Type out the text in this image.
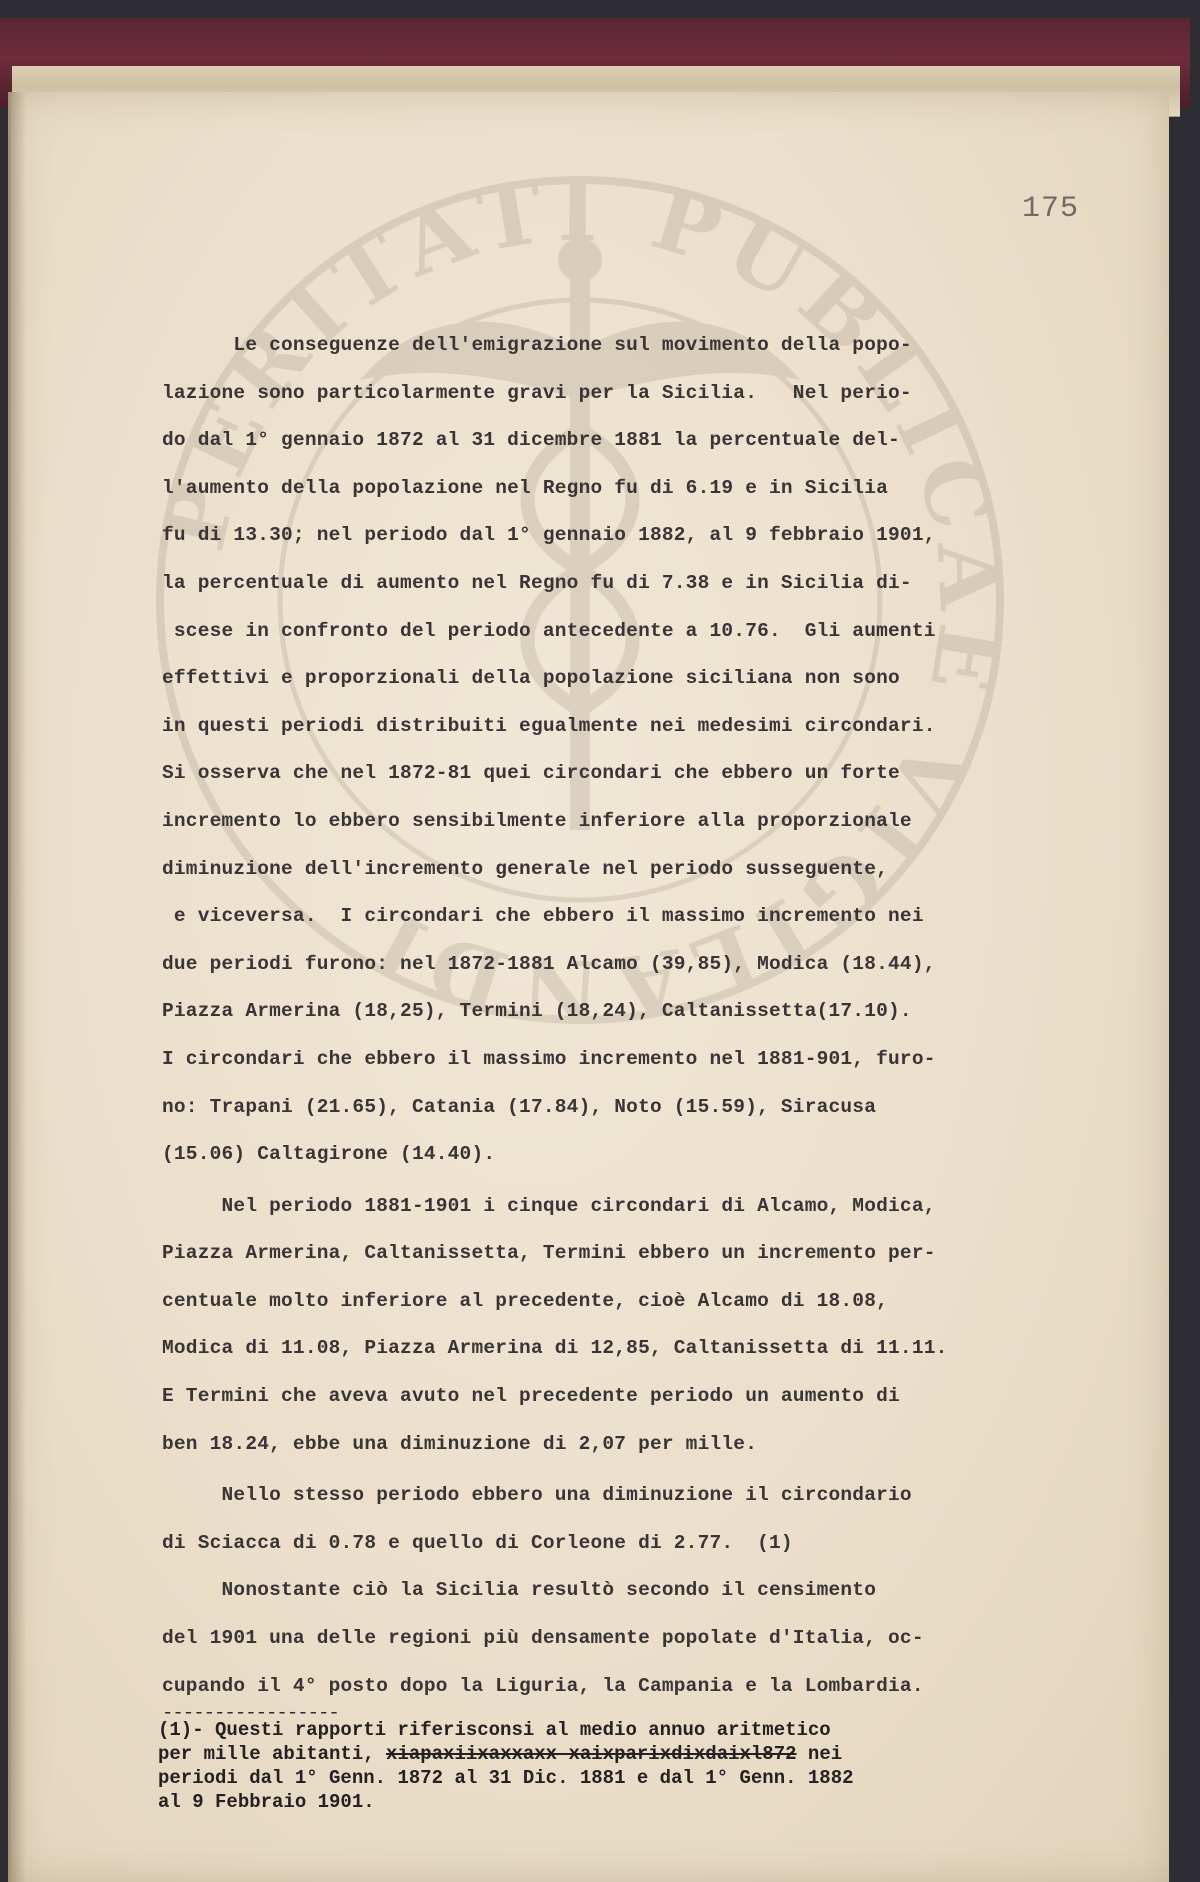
PERITATI PUBLICAE VIGILANDI
175
Le conseguenze dell'emigrazione sul movimento della popo-
lazione sono particolarmente gravi per la Sicilia.   Nel perio-
do dal 1° gennaio 1872 al 31 dicembre 1881 la percentuale del-
l'aumento della popolazione nel Regno fu di 6.19 e in Sicilia
fu di 13.30; nel periodo dal 1° gennaio 1882, al 9 febbraio 1901,
la percentuale di aumento nel Regno fu di 7.38 e in Sicilia di-
scese in confronto del periodo antecedente a 10.76.  Gli aumenti
effettivi e proporzionali della popolazione siciliana non sono
in questi periodi distribuiti egualmente nei medesimi circondari.
Si osserva che nel 1872-81 quei circondari che ebbero un forte
incremento lo ebbero sensibilmente inferiore alla proporzionale
diminuzione dell'incremento generale nel periodo susseguente,
e viceversa.  I circondari che ebbero il massimo incremento nei
due periodi furono: nel 1872-1881 Alcamo (39,85), Modica (18.44),
Piazza Armerina (18,25), Termini (18,24), Caltanissetta(17.10).
I circondari che ebbero il massimo incremento nel 1881-901, furo-
no: Trapani (21.65), Catania (17.84), Noto (15.59), Siracusa
(15.06) Caltagirone (14.40).
Nel periodo 1881-1901 i cinque circondari di Alcamo, Modica,
Piazza Armerina, Caltanissetta, Termini ebbero un incremento per-
centuale molto inferiore al precedente, cioè Alcamo di 18.08,
Modica di 11.08, Piazza Armerina di 12,85, Caltanissetta di 11.11.
E Termini che aveva avuto nel precedente periodo un aumento di
ben 18.24, ebbe una diminuzione di 2,07 per mille.
Nello stesso periodo ebbero una diminuzione il circondario
di Sciacca di 0.78 e quello di Corleone di 2.77.  (1)
Nonostante ciò la Sicilia resultò secondo il censimento
del 1901 una delle regioni più densamente popolate d'Italia, oc-
cupando il 4° posto dopo la Liguria, la Campania e la Lombardia.
-----------------
(1)- Questi rapporti riferisconsi al medio annuo aritmetico
per mille abitanti, xiapaxiixaxxaxx xaixparixdixdaixl872 nei
periodi dal 1° Genn. 1872 al 31 Dic. 1881 e dal 1° Genn. 1882
al 9 Febbraio 1901.
